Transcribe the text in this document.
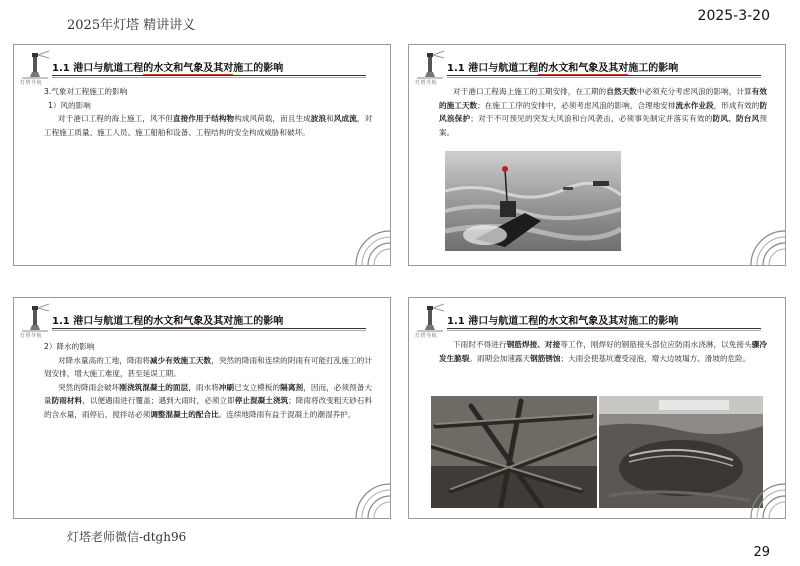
2025年灯塔 精讲讲义
2025-3-20
灯塔老师微信-dtgh96
29
灯塔导航
1.1 港口与航道工程的水文和气象及其对施工的影响

3.气象对工程施工的影响

1）风的影响

对于港口工程的海上施工，风不但直接作用于结构物构成风荷载，而且生成波浪和风成流，对工程施工质量、施工人员、施工船舶和设备、工程结构的安全构成威胁和破坏。

灯塔导航
1.1 港口与航道工程的水文和气象及其对施工的影响

对于港口工程海上施工的工期安排，在工期的自然天数中必须充分考虑风浪的影响，计算有效的施工天数；在施工工序的安排中，必须考虑风浪的影响，合理地安排流水作业段，形成有效的防风浪保护；对于不可预见的突发大风浪和台风袭击，必须事先制定并落实有效的防风、防台风预案。

灯塔导航
1.1 港口与航道工程的水文和气象及其对施工的影响

2）降水的影响

对降水量高的工地，降雨将减少有效施工天数，突然的降雨和连续的阴雨有可能打乱施工的计划安排，增大施工难度，甚至延误工期。

突然的降雨会破坏刚浇筑混凝土的面层，雨水将冲刷已支立模板的隔离剂，因而，必须预备大量防雨材料，以便遇雨进行覆盖；遇到大雨时，必须立即停止混凝土浇筑；降雨将改变粗天砂石料的含水量，雨停后，搅拌站必须调整混凝土的配合比。连续地降雨有益于混凝土的潮湿养护。

灯塔导航
1.1 港口与航道工程的水文和气象及其对施工的影响

下雨时不得进行钢筋焊接、对接等工作，刚焊好的钢筋接头部位应防雨水浇淋，以免接头骤冷发生脆裂。雨期会加速露天钢筋锈蚀；大雨会使基坑遭受浸泡，增大边坡塌方、滑坡的危险。
